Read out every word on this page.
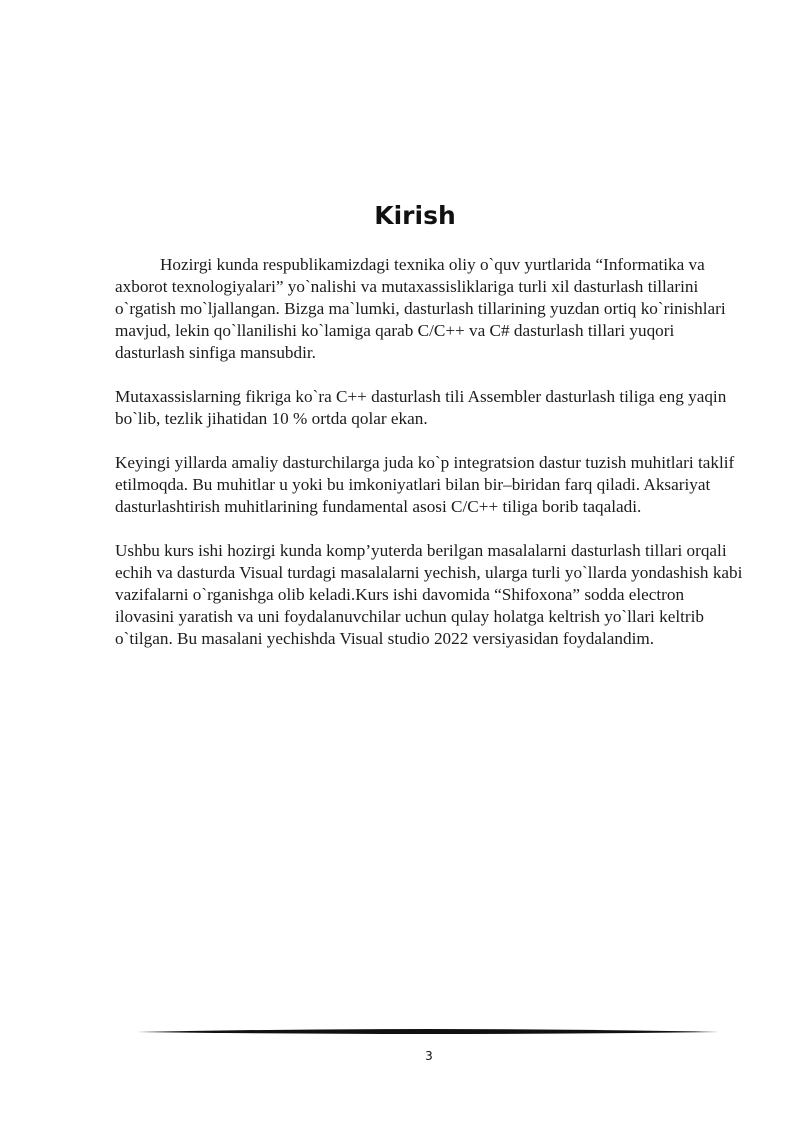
Kirish

Hozirgi kunda respublikamizdagi texnika oliy o`quv yurtlarida “Informatika va axborot texnologiyalari” yo`nalishi va mutaxassisliklariga turli xil dasturlash tillarini o`rgatish mo`ljallangan. Bizga ma`lumki, dasturlash tillarining yuzdan ortiq ko`rinishlari mavjud, lekin qo`llanilishi ko`lamiga qarab C/C++ va C# dasturlash tillari yuqori dasturlash sinfiga mansubdir.

Mutaxassislarning fikriga ko`ra C++ dasturlash tili Assembler dasturlash tiliga eng yaqin bo`lib, tezlik jihatidan 10 % ortda qolar ekan.

Keyingi yillarda amaliy dasturchilarga juda ko`p integratsion dastur tuzish muhitlari taklif etilmoqda. Bu muhitlar u yoki bu imkoniyatlari bilan bir–biridan farq qiladi. Aksariyat dasturlashtirish muhitlarining fundamental asosi C/C++ tiliga borib taqaladi.

Ushbu kurs ishi hozirgi kunda komp’yuterda berilgan masalalarni dasturlash tillari orqali echih va dasturda Visual turdagi masalalarni yechish, ularga turli yo`llarda yondashish kabi vazifalarni o`rganishga olib keladi.Kurs ishi davomida “Shifoxona” sodda electron ilovasini yaratish va uni foydalanuvchilar uchun qulay holatga keltrish yo`llari keltrib o`tilgan. Bu masalani yechishda Visual studio 2022 versiyasidan foydalandim.

3
